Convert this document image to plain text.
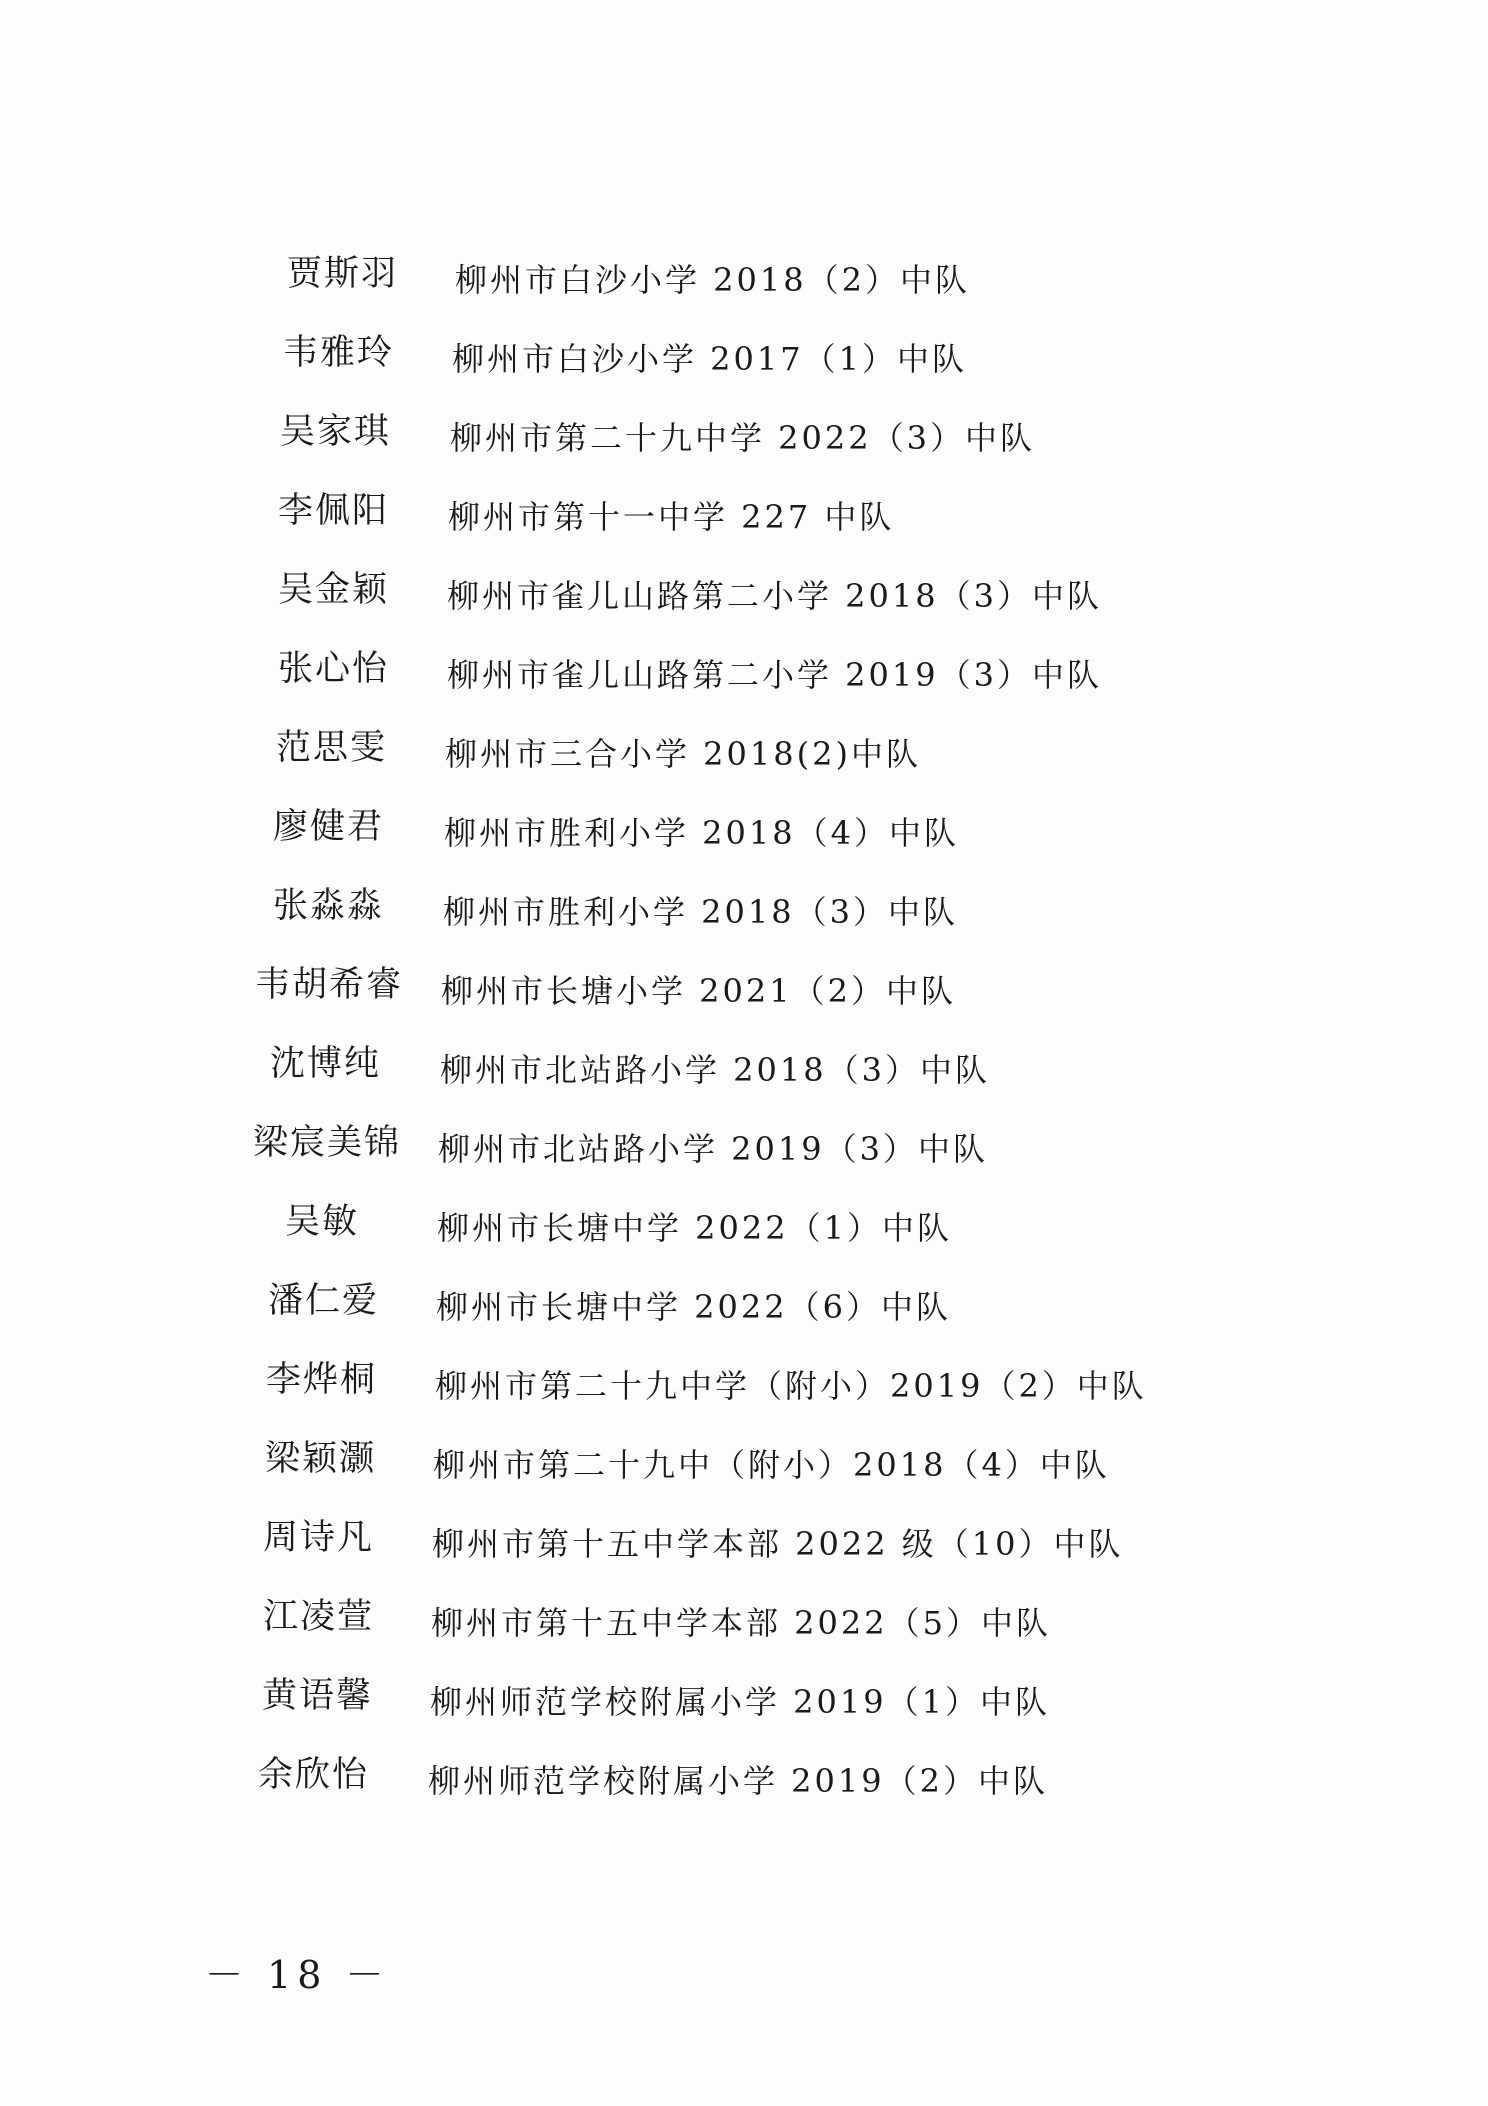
贾斯羽 柳州市白沙小学 2018（2）中队
韦雅玲 柳州市白沙小学 2017（1）中队
吴家琪 柳州市第二十九中学 2022（3）中队
李佩阳 柳州市第十一中学 227 中队
吴金颖 柳州市雀儿山路第二小学 2018（3）中队
张心怡 柳州市雀儿山路第二小学 2019（3）中队
范思雯 柳州市三合小学 2018(2)中队
廖健君 柳州市胜利小学 2018（4）中队
张淼淼 柳州市胜利小学 2018（3）中队
韦胡希睿 柳州市长塘小学 2021（2）中队
沈博纯 柳州市北站路小学 2018（3）中队
梁宸美锦 柳州市北站路小学 2019（3）中队
吴敏 柳州市长塘中学 2022（1）中队
潘仁爱 柳州市长塘中学 2022（6）中队
李烨桐 柳州市第二十九中学（附小）2019（2）中队
梁颖灏 柳州市第二十九中（附小）2018（4）中队
周诗凡 柳州市第十五中学本部 2022 级（10）中队
江凌萱 柳州市第十五中学本部 2022（5）中队
黄语馨 柳州师范学校附属小学 2019（1）中队
余欣怡 柳州师范学校附属小学 2019（2）中队
－ 18 －
